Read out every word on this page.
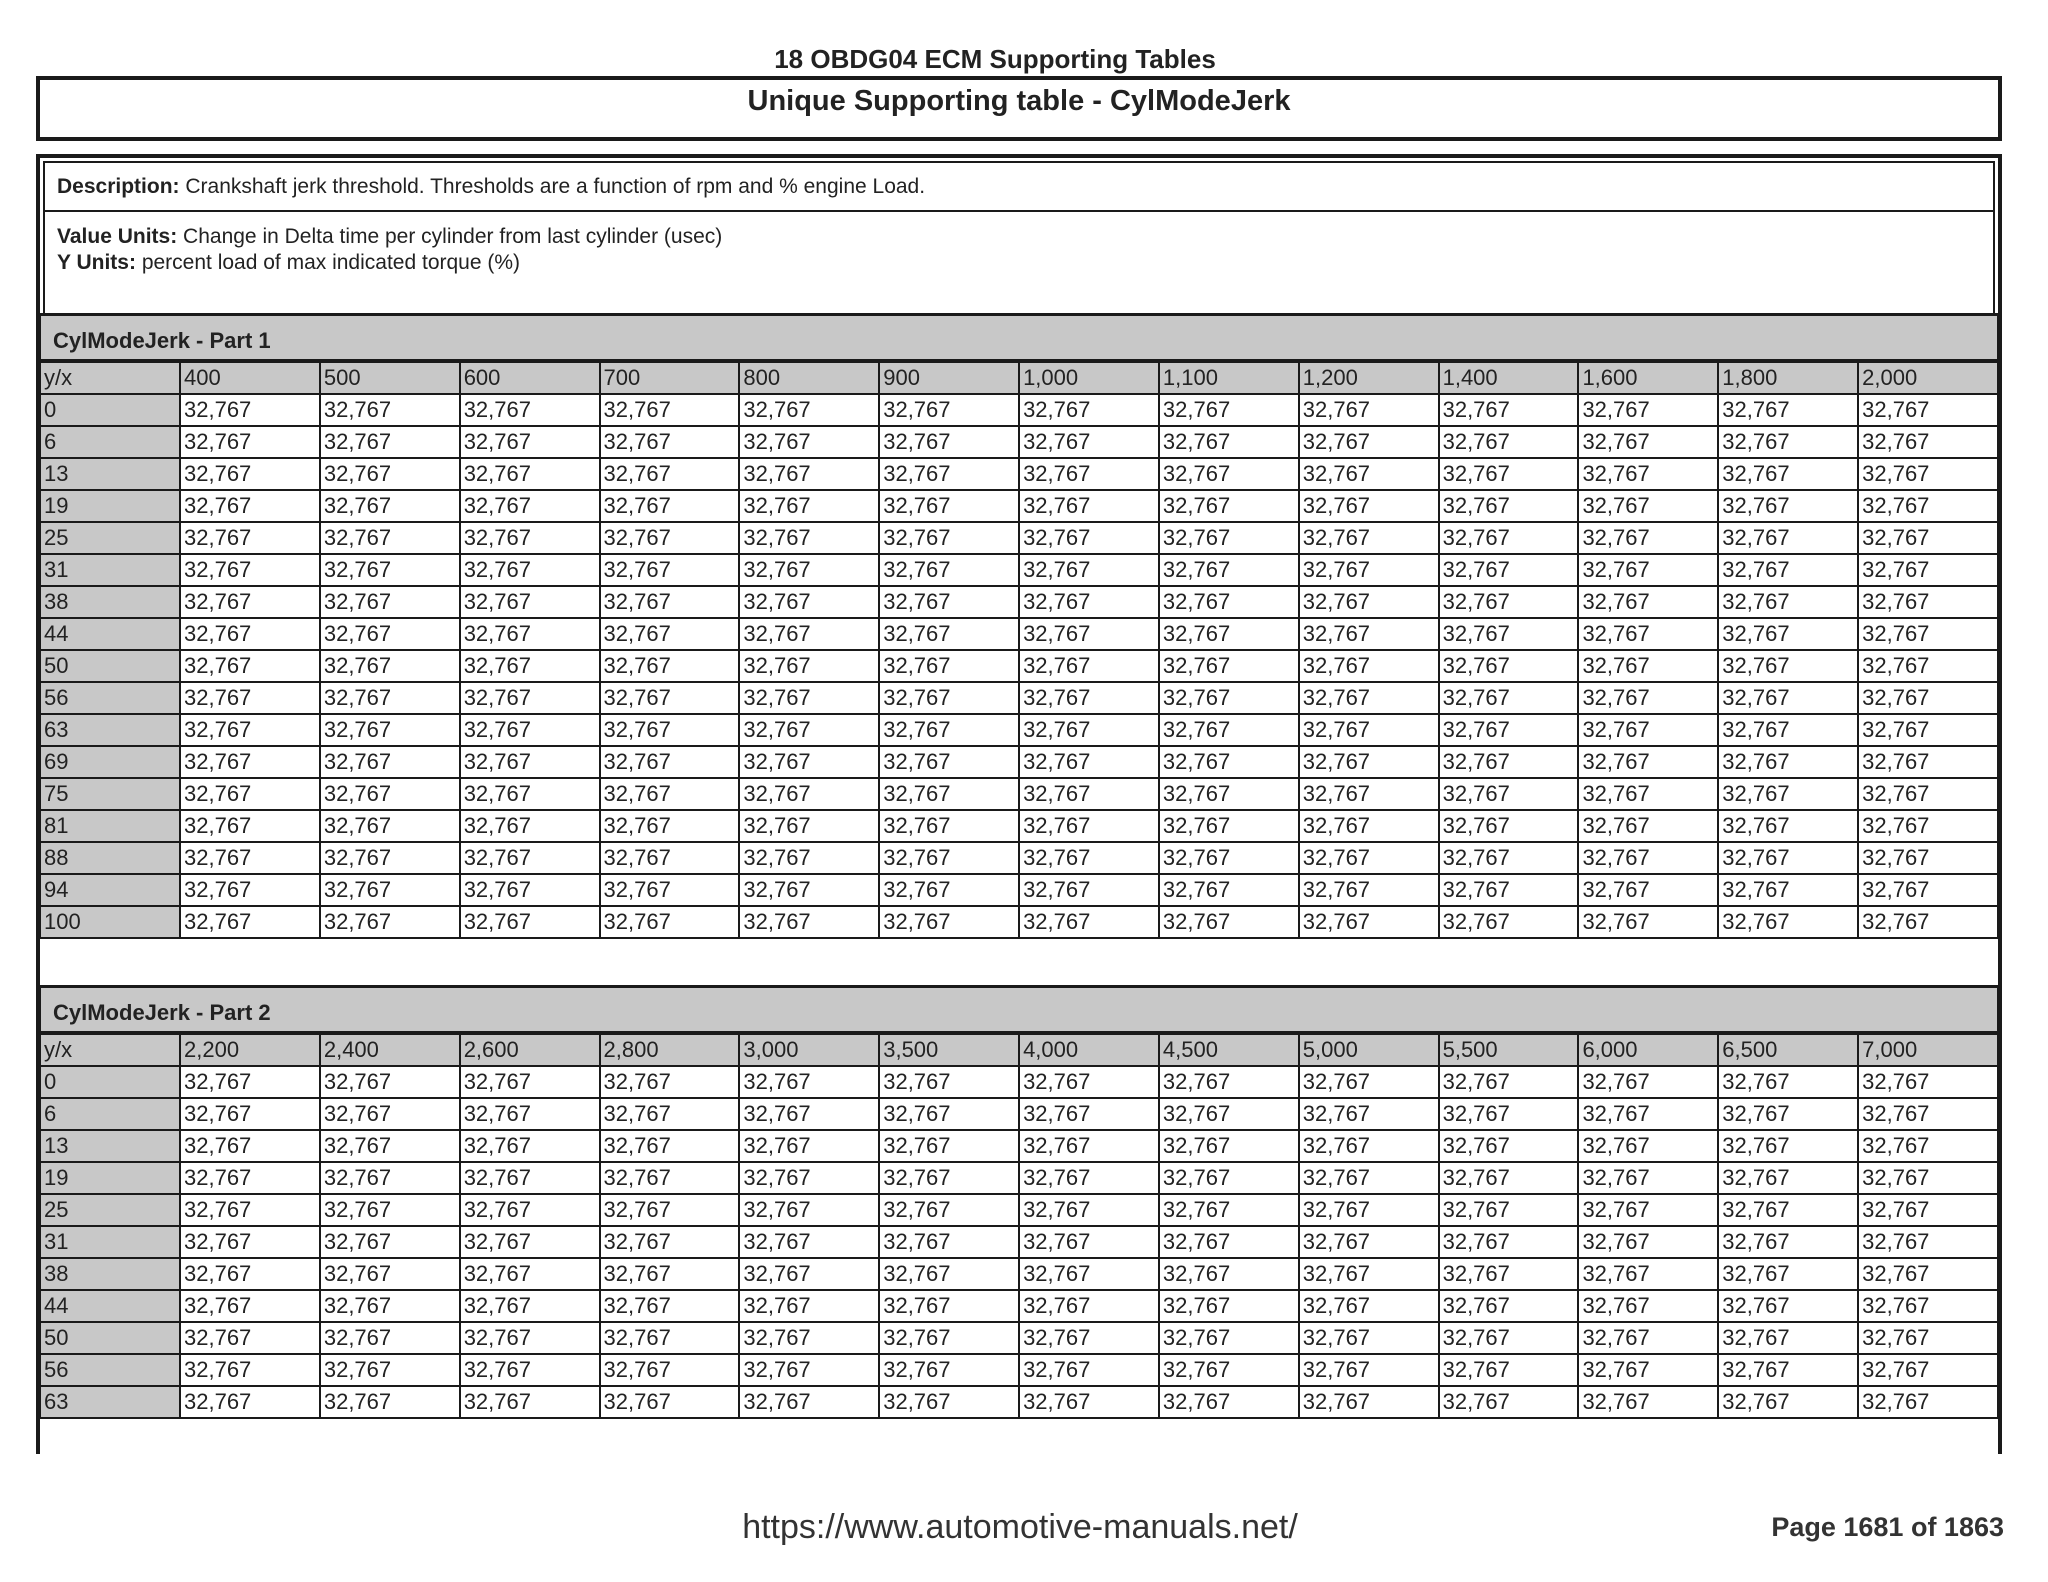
18 OBDG04 ECM Supporting Tables
Unique Supporting table - CylModeJerk
Description: Crankshaft jerk threshold. Thresholds are a function of rpm and % engine Load.
Value Units: Change in Delta time per cylinder from last cylinder (usec)
Y Units: percent load of max indicated torque (%)
CylModeJerk - Part 1
y/x	400	500	600	700	800	900	1,000	1,100	1,200	1,400	1,600	1,800	2,000
0	32,767	32,767	32,767	32,767	32,767	32,767	32,767	32,767	32,767	32,767	32,767	32,767	32,767
6	32,767	32,767	32,767	32,767	32,767	32,767	32,767	32,767	32,767	32,767	32,767	32,767	32,767
13	32,767	32,767	32,767	32,767	32,767	32,767	32,767	32,767	32,767	32,767	32,767	32,767	32,767
19	32,767	32,767	32,767	32,767	32,767	32,767	32,767	32,767	32,767	32,767	32,767	32,767	32,767
25	32,767	32,767	32,767	32,767	32,767	32,767	32,767	32,767	32,767	32,767	32,767	32,767	32,767
31	32,767	32,767	32,767	32,767	32,767	32,767	32,767	32,767	32,767	32,767	32,767	32,767	32,767
38	32,767	32,767	32,767	32,767	32,767	32,767	32,767	32,767	32,767	32,767	32,767	32,767	32,767
44	32,767	32,767	32,767	32,767	32,767	32,767	32,767	32,767	32,767	32,767	32,767	32,767	32,767
50	32,767	32,767	32,767	32,767	32,767	32,767	32,767	32,767	32,767	32,767	32,767	32,767	32,767
56	32,767	32,767	32,767	32,767	32,767	32,767	32,767	32,767	32,767	32,767	32,767	32,767	32,767
63	32,767	32,767	32,767	32,767	32,767	32,767	32,767	32,767	32,767	32,767	32,767	32,767	32,767
69	32,767	32,767	32,767	32,767	32,767	32,767	32,767	32,767	32,767	32,767	32,767	32,767	32,767
75	32,767	32,767	32,767	32,767	32,767	32,767	32,767	32,767	32,767	32,767	32,767	32,767	32,767
81	32,767	32,767	32,767	32,767	32,767	32,767	32,767	32,767	32,767	32,767	32,767	32,767	32,767
88	32,767	32,767	32,767	32,767	32,767	32,767	32,767	32,767	32,767	32,767	32,767	32,767	32,767
94	32,767	32,767	32,767	32,767	32,767	32,767	32,767	32,767	32,767	32,767	32,767	32,767	32,767
100	32,767	32,767	32,767	32,767	32,767	32,767	32,767	32,767	32,767	32,767	32,767	32,767	32,767
CylModeJerk - Part 2
y/x	2,200	2,400	2,600	2,800	3,000	3,500	4,000	4,500	5,000	5,500	6,000	6,500	7,000
0	32,767	32,767	32,767	32,767	32,767	32,767	32,767	32,767	32,767	32,767	32,767	32,767	32,767
6	32,767	32,767	32,767	32,767	32,767	32,767	32,767	32,767	32,767	32,767	32,767	32,767	32,767
13	32,767	32,767	32,767	32,767	32,767	32,767	32,767	32,767	32,767	32,767	32,767	32,767	32,767
19	32,767	32,767	32,767	32,767	32,767	32,767	32,767	32,767	32,767	32,767	32,767	32,767	32,767
25	32,767	32,767	32,767	32,767	32,767	32,767	32,767	32,767	32,767	32,767	32,767	32,767	32,767
31	32,767	32,767	32,767	32,767	32,767	32,767	32,767	32,767	32,767	32,767	32,767	32,767	32,767
38	32,767	32,767	32,767	32,767	32,767	32,767	32,767	32,767	32,767	32,767	32,767	32,767	32,767
44	32,767	32,767	32,767	32,767	32,767	32,767	32,767	32,767	32,767	32,767	32,767	32,767	32,767
50	32,767	32,767	32,767	32,767	32,767	32,767	32,767	32,767	32,767	32,767	32,767	32,767	32,767
56	32,767	32,767	32,767	32,767	32,767	32,767	32,767	32,767	32,767	32,767	32,767	32,767	32,767
63	32,767	32,767	32,767	32,767	32,767	32,767	32,767	32,767	32,767	32,767	32,767	32,767	32,767
https://www.automotive-manuals.net/	Page 1681 of 1863
